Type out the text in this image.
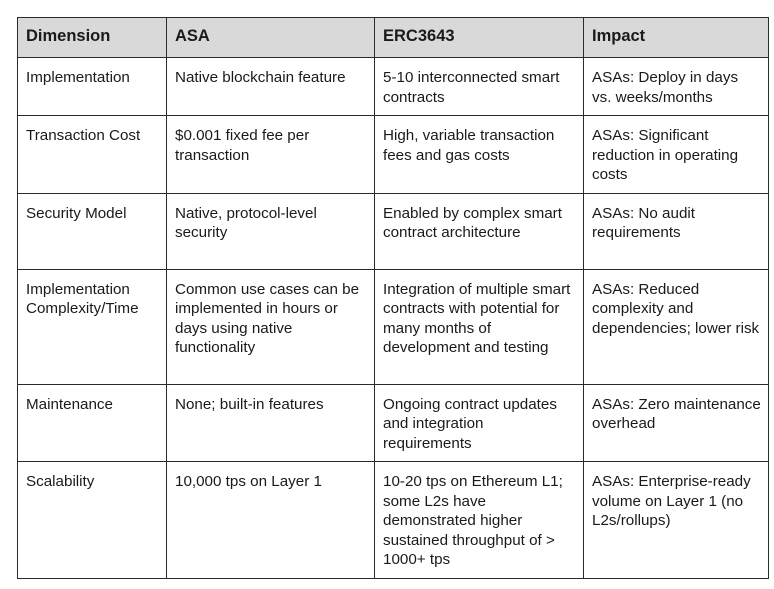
Dimension	ASA	ERC3643	Impact
Implementation	Native blockchain feature	5-10 interconnected smart contracts	ASAs: Deploy in days vs. weeks/months
Transaction Cost	$0.001 fixed fee per transaction	High, variable transaction fees and gas costs	ASAs: Significant reduction in operating costs
Security Model	Native, protocol-level security	Enabled by complex smart contract architecture	ASAs: No audit requirements
Implementation Complexity/Time	Common use cases can be implemented in hours or days using native functionality	Integration of multiple smart contracts with potential for many months of development and testing	ASAs: Reduced complexity and dependencies; lower risk
Maintenance	None; built-in features	Ongoing contract updates and integration requirements	ASAs: Zero maintenance overhead
Scalability	10,000 tps on Layer 1	10-20 tps on Ethereum L1; some L2s have demonstrated higher sustained throughput of > 1000+ tps	ASAs: Enterprise-ready volume on Layer 1 (no L2s/rollups)
